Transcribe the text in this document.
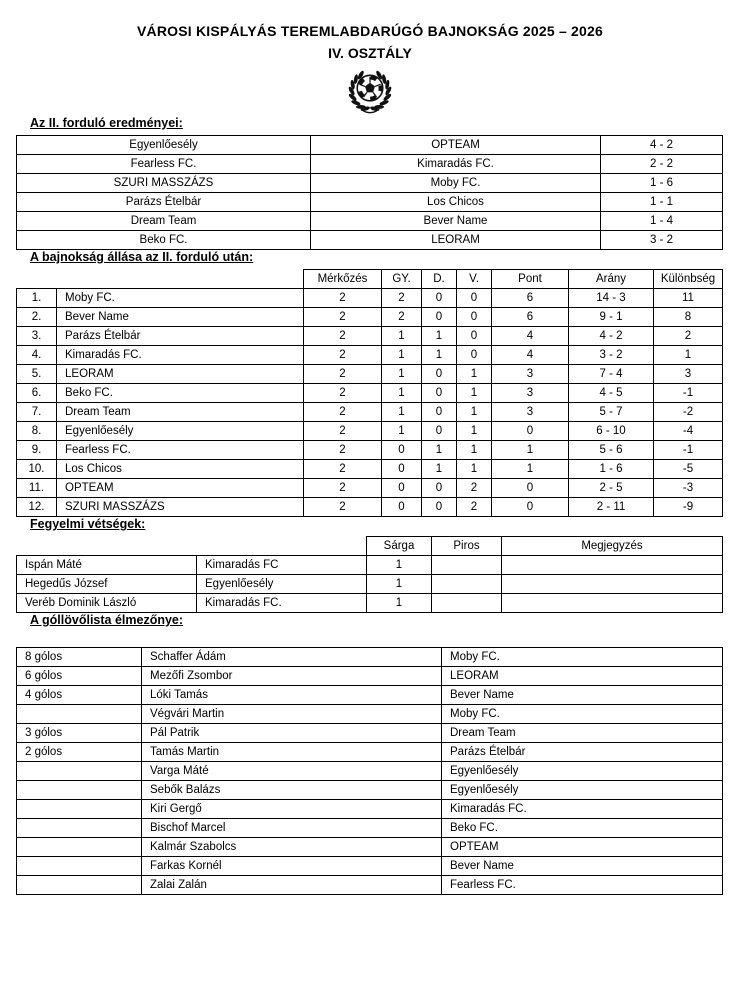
VÁROSI KISPÁLYÁS TEREMLABDARÚGÓ BAJNOKSÁG 2025 – 2026
IV. OSZTÁLY
Az II. forduló eredményei:
Egyenlőesély	OPTEAM	4 - 2
Fearless FC.	Kimaradás FC.	2 - 2
SZURI MASSZÁZS	Moby FC.	1 - 6
Parázs Ételbár	Los Chicos	1 - 1
Dream Team	Bever Name	1 - 4
Beko FC.	LEORAM	3 - 2
A bajnokság állása az II. forduló után:
		Mérkőzés	GY.	D.	V.	Pont	Arány	Különbség
1.	Moby FC.	2	2	0	0	6	14 - 3	11
2.	Bever Name	2	2	0	0	6	9 - 1	8
3.	Parázs Ételbár	2	1	1	0	4	4 - 2	2
4.	Kimaradás FC.	2	1	1	0	4	3 - 2	1
5.	LEORAM	2	1	0	1	3	7 - 4	3
6.	Beko FC.	2	1	0	1	3	4 - 5	-1
7.	Dream Team	2	1	0	1	3	5 - 7	-2
8.	Egyenlőesély	2	1	0	1	0	6 - 10	-4
9.	Fearless FC.	2	0	1	1	1	5 - 6	-1
10.	Los Chicos	2	0	1	1	1	1 - 6	-5
11.	OPTEAM	2	0	0	2	0	2 - 5	-3
12.	SZURI MASSZÁZS	2	0	0	2	0	2 - 11	-9
Fegyelmi vétségek:
		Sárga	Piros	Megjegyzés
Ispán Máté	Kimaradás FC	1		
Hegedűs József	Egyenlőesély	1		
Veréb Dominik László	Kimaradás FC.	1		
A góllövőlista élmezőnye:
8 gólos	Schaffer Ádám	Moby FC.
6 gólos	Mezőfi Zsombor	LEORAM
4 gólos	Lóki Tamás	Bever Name
	Végvári Martin	Moby FC.
3 gólos	Pál Patrik	Dream Team
2 gólos	Tamás Martin	Parázs Ételbár
	Varga Máté	Egyenlőesély
	Sebők Balázs	Egyenlőesély
	Kiri Gergő	Kimaradás FC.
	Bischof Marcel	Beko FC.
	Kalmár Szabolcs	OPTEAM
	Farkas Kornél	Bever Name
	Zalai Zalán	Fearless FC.
